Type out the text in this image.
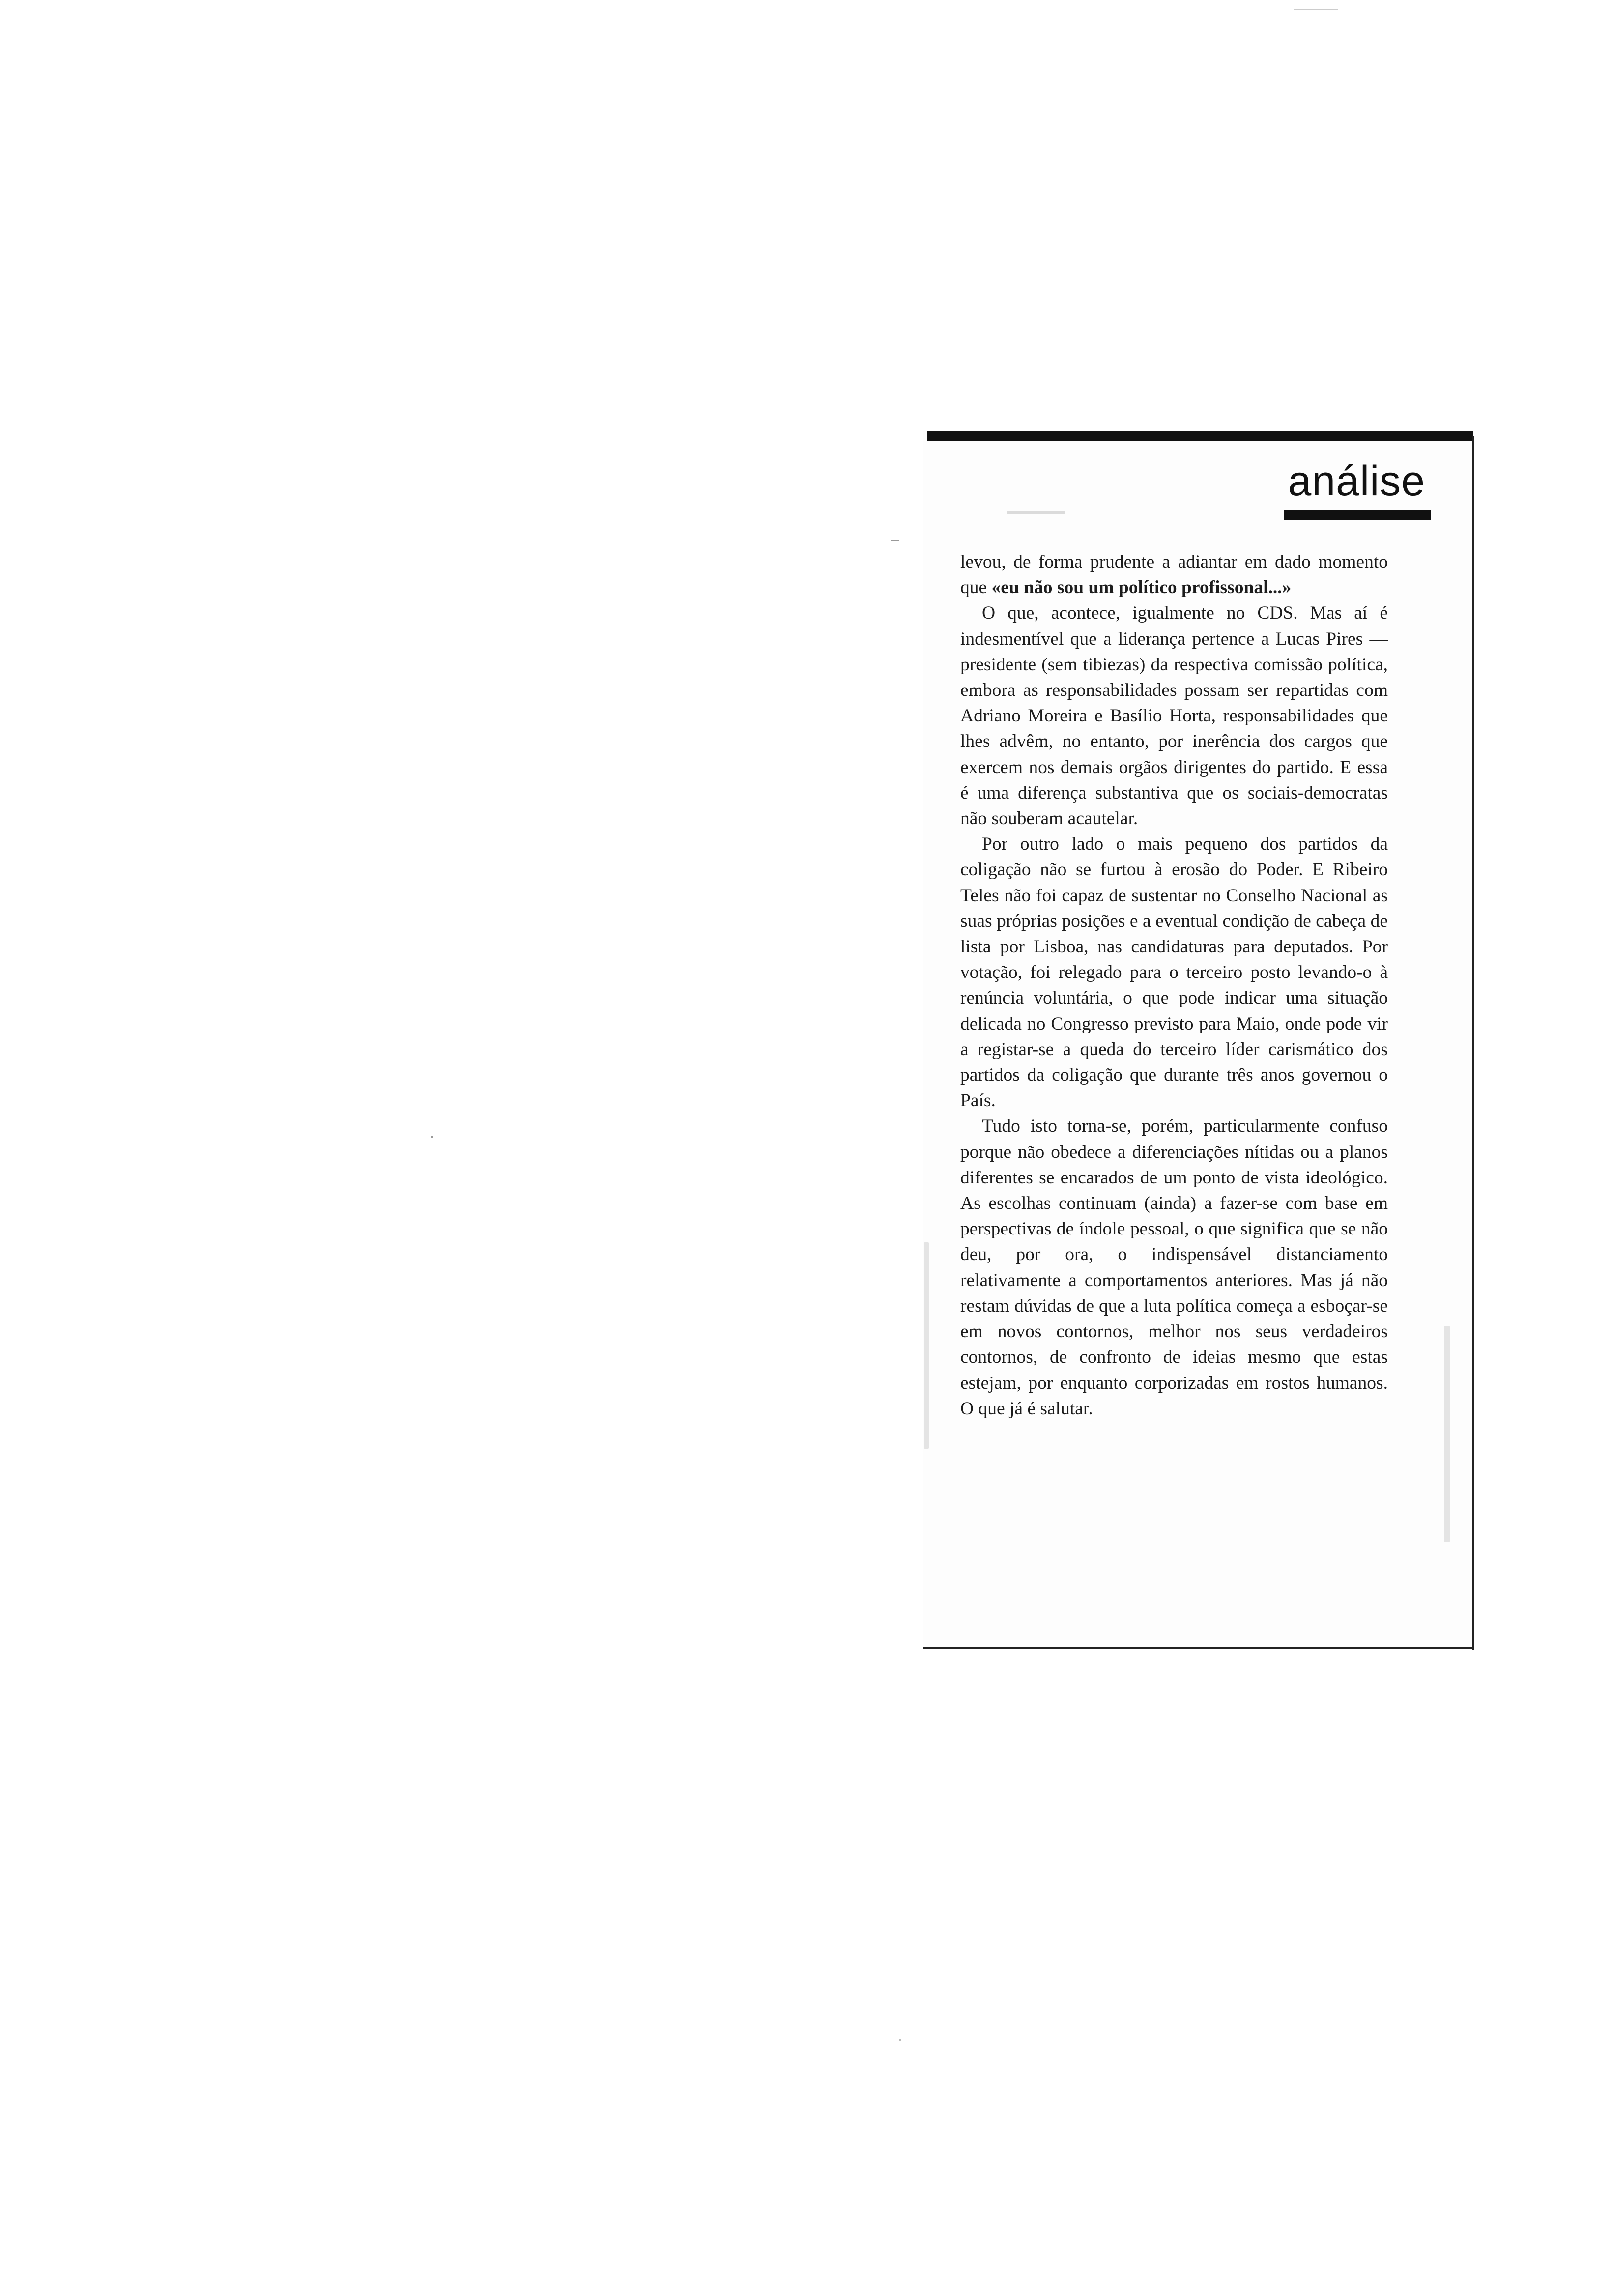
análise

levou, de forma prudente a adiantar em dado momento que «eu não sou um político profissonal...»

O que, acontece, igualmente no CDS. Mas aí é indesmentível que a liderança pertence a Lucas Pires — presidente (sem tibiezas) da respectiva comissão política, embora as responsabilidades possam ser repartidas com Adriano Moreira e Basílio Horta, responsabilidades que lhes advêm, no entanto, por inerência dos cargos que exercem nos demais orgãos dirigentes do partido. E essa é uma diferença substantiva que os sociais-democratas não souberam acautelar.

Por outro lado o mais pequeno dos partidos da coligação não se furtou à erosão do Poder. E Ribeiro Teles não foi capaz de sustentar no Conselho Nacional as suas próprias posições e a eventual condição de cabeça de lista por Lisboa, nas candidaturas para deputados. Por votação, foi relegado para o terceiro posto levando-o à renúncia voluntária, o que pode indicar uma situação delicada no Congresso previsto para Maio, onde pode vir a registar-se a queda do terceiro líder carismático dos partidos da coligação que durante três anos governou o País.

Tudo isto torna-se, porém, particularmente confuso porque não obedece a diferenciações nítidas ou a planos diferentes se encarados de um ponto de vista ideológico. As escolhas continuam (ainda) a fazer-se com base em perspectivas de índole pessoal, o que significa que se não deu, por ora, o indispensável distanciamento relativamente a comportamentos anteriores. Mas já não restam dúvidas de que a luta política começa a esboçar-se em novos contornos, melhor nos seus verdadeiros contornos, de confronto de ideias mesmo que estas estejam, por enquanto corporizadas em rostos humanos. O que já é salutar.
